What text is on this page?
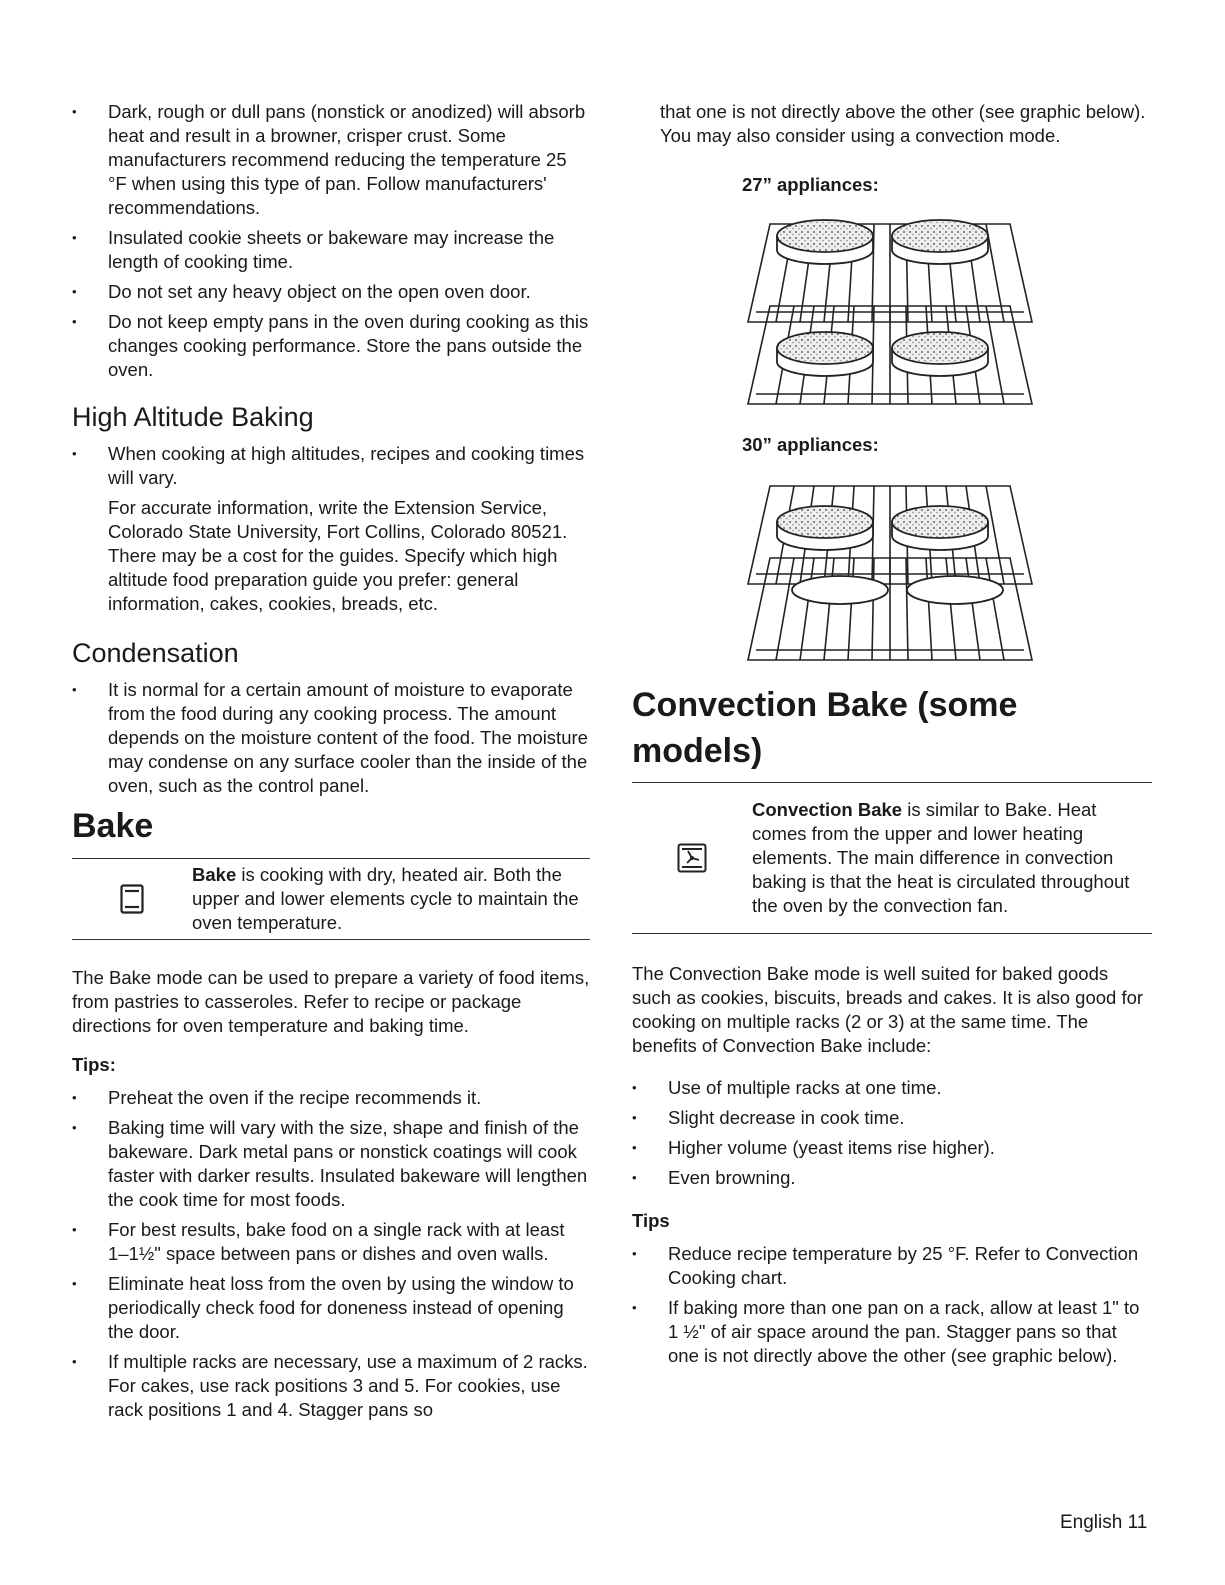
• Dark, rough or dull pans (nonstick or anodized) will absorb heat and result in a browner, crisper crust. Some manufacturers recommend reducing the temperature 25 °F when using this type of pan. Follow manufacturers' recommendations.
• Insulated cookie sheets or bakeware may increase the length of cooking time.
• Do not set any heavy object on the open oven door.
• Do not keep empty pans in the oven during cooking as this changes cooking performance. Store the pans outside the oven.
High Altitude Baking
• When cooking at high altitudes, recipes and cooking times will vary.

For accurate information, write the Extension Service, Colorado State University, Fort Collins, Colorado 80521. There may be a cost for the guides. Specify which high altitude food preparation guide you prefer: general information, cakes, cookies, breads, etc.

Condensation
• It is normal for a certain amount of moisture to evaporate from the food during any cooking process. The amount depends on the moisture content of the food. The moisture may condense on any surface cooler than the inside of the oven, such as the control panel.
Bake

Bake is cooking with dry, heated air. Both the upper and lower elements cycle to maintain the oven temperature.

The Bake mode can be used to prepare a variety of food items, from pastries to casseroles. Refer to recipe or package directions for oven temperature and baking time.

Tips:
• Preheat the oven if the recipe recommends it.
• Baking time will vary with the size, shape and finish of the bakeware. Dark metal pans or nonstick coatings will cook faster with darker results. Insulated bakeware will lengthen the cook time for most foods.
• For best results, bake food on a single rack with at least 1–1½" space between pans or dishes and oven walls.
• Eliminate heat loss from the oven by using the window to periodically check food for doneness instead of opening the door.
• If multiple racks are necessary, use a maximum of 2 racks. For cakes, use rack positions 3 and 5. For cookies, use rack positions 1 and 4. Stagger pans so

that one is not directly above the other (see graphic below). You may also consider using a convection mode.

27” appliances:
30” appliances:
Convection Bake (some models)

Convection Bake is similar to Bake. Heat comes from the upper and lower heating elements. The main difference in convection baking is that the heat is circulated throughout the oven by the convection fan.

The Convection Bake mode is well suited for baked goods such as cookies, biscuits, breads and cakes. It is also good for cooking on multiple racks (2 or 3) at the same time. The benefits of Convection Bake include:

• Use of multiple racks at one time.
• Slight decrease in cook time.
• Higher volume (yeast items rise higher).
• Even browning.
Tips
• Reduce recipe temperature by 25 °F. Refer to Convection Cooking chart.
• If baking more than one pan on a rack, allow at least 1" to 1 ½" of air space around the pan. Stagger pans so that one is not directly above the other (see graphic below).
English 11
